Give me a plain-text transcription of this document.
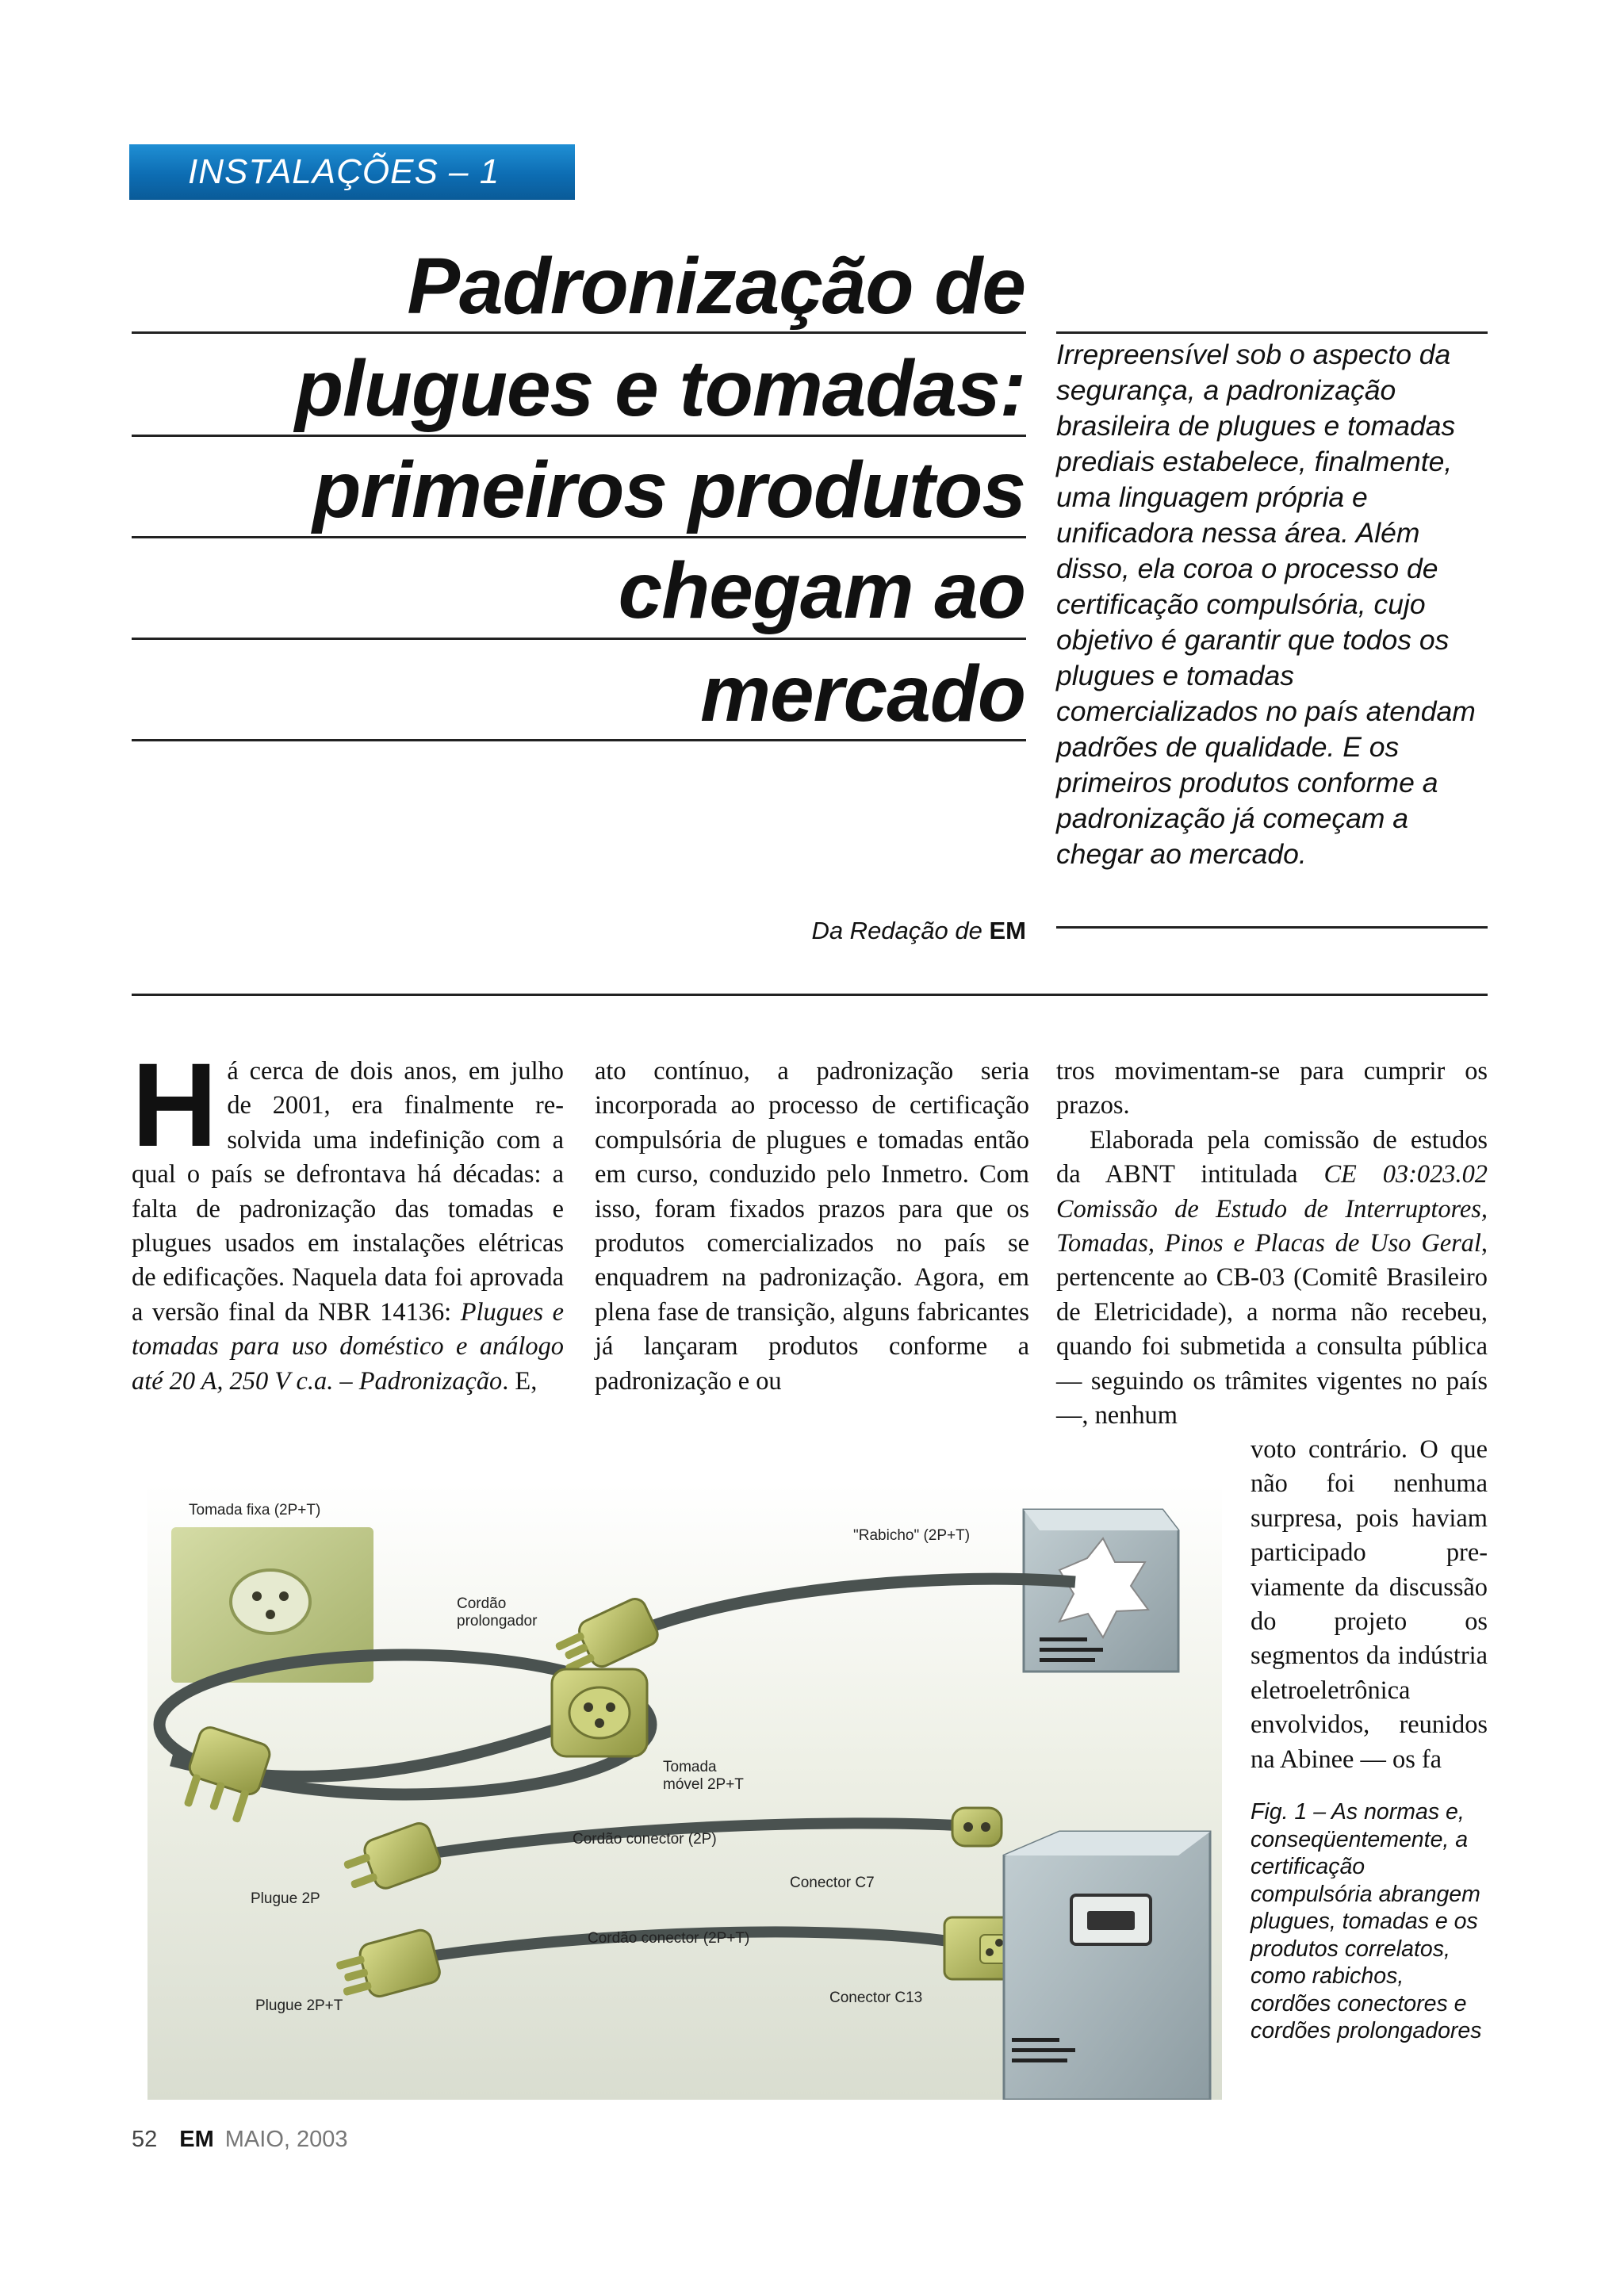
INSTALAÇÕES – 1
Padronização de
plugues e tomadas:
primeiros produtos
chegam ao
mercado
Irrepreensível sob o aspecto da segurança, a padronização brasileira de plugues e tomadas prediais estabelece, finalmente, uma linguagem própria e unificadora nessa área. Além disso, ela coroa o processo de certificação compulsória, cujo objetivo é garantir que todos os plugues e tomadas comercializados no país atendam padrões de qualidade. E os primeiros produtos conforme a padronização já começam a chegar ao mercado.
Da Redação de EM

Há cerca de dois anos, em julho de 2001, era finalmente resolvida uma indefinição com a qual o país se defrontava há décadas: a falta de padronização das tomadas e plugues usados em instalações elétricas de edificações. Naquela data foi aprovada a versão final da NBR 14136: Plugues e tomadas para uso doméstico e análogo até 20 A, 250 V c.a. – Padronização. E,

ato contínuo, a padronização seria incorporada ao processo de certificação compulsória de plugues e tomadas então em curso, conduzido pelo Inmetro. Com isso, foram fixados prazos para que os produtos comercializados no país se enquadrem na padronização. Agora, em plena fase de transição, alguns fabricantes já lançaram produtos conforme a padronização e ou

tros movimentam-se para cumprir os prazos.

Elaborada pela comissão de estudos da ABNT intitulada CE 03:023.02 Comissão de Estudo de Interruptores, Tomadas, Pinos e Placas de Uso Geral, pertencente ao CB-03 (Comitê Brasileiro de Eletricidade), a norma não recebeu, quando foi submetida a consulta pública — seguindo os trâmites vigentes no país —, nenhum

voto contrário. O que não foi nenhuma surpresa, pois haviam participado previamente da discussão do projeto os segmentos da indústria eletroeletrônica envolvidos, reunidos na Abinee — os fa

Tomada fixa (2P+T)
"Rabicho" (2P+T)
Cordão
prolongador
Tomada
móvel 2P+T
Cordão conector (2P)
Conector C7
Plugue 2P
Cordão conector (2P+T)
Conector C13
Plugue 2P+T
Fig. 1 – As normas e, conseqüentemente, a certificação compulsória abrangem plugues, tomadas e os produtos correlatos, como rabichos, cordões conectores e cordões prolongadores
52 EM MAIO, 2003
